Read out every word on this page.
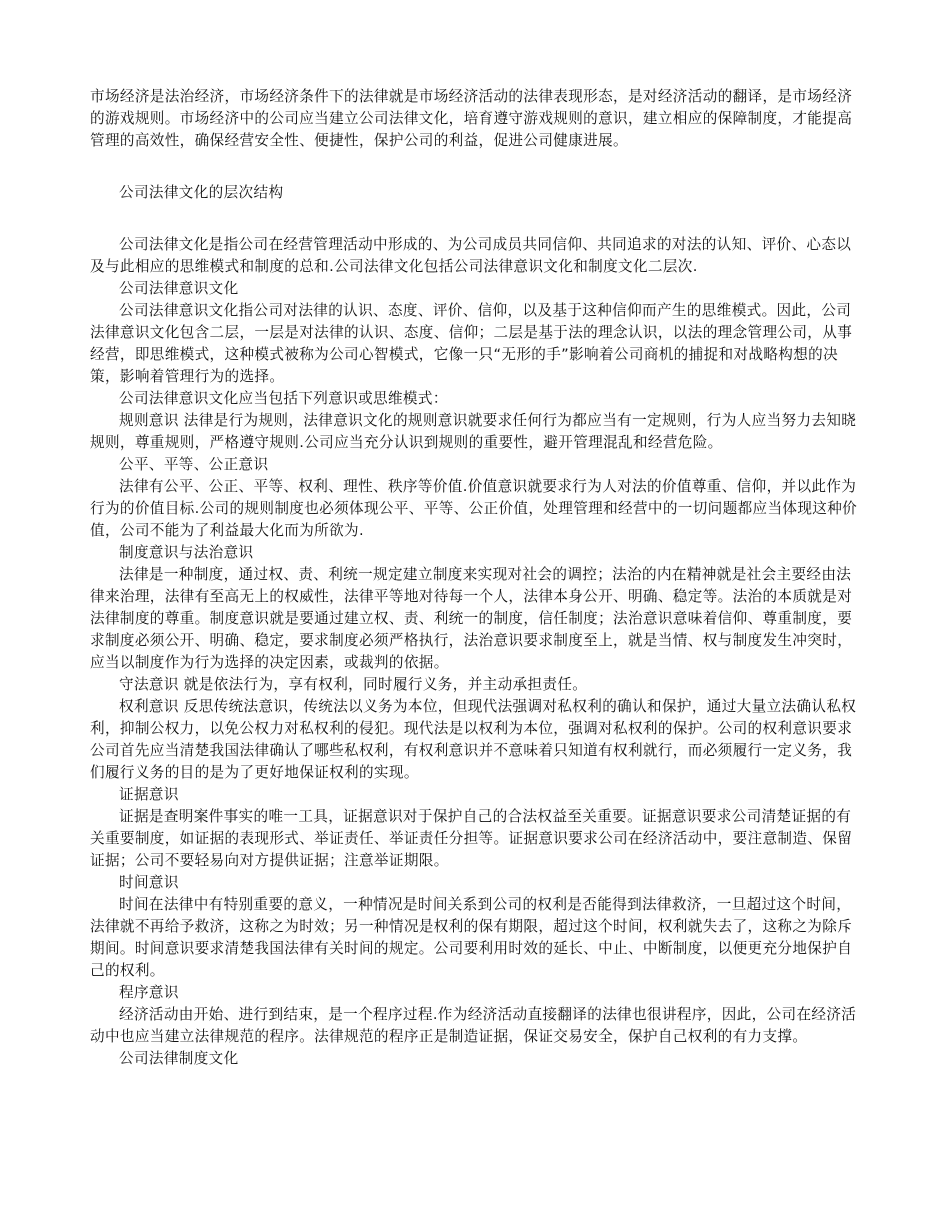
市场经济是法治经济，市场经济条件下的法律就是市场经济活动的法律表现形态，是对经济活动的翻译，是市场经济的游戏规则。市场经济中的公司应当建立公司法律文化，培育遵守游戏规则的意识，建立相应的保障制度，才能提高管理的高效性，确保经营安全性、便捷性，保护公司的利益，促进公司健康进展。

公司法律文化的层次结构

公司法律文化是指公司在经营管理活动中形成的、为公司成员共同信仰、共同追求的对法的认知、评价、心态以及与此相应的思维模式和制度的总和.公司法律文化包括公司法律意识文化和制度文化二层次.

公司法律意识文化

公司法律意识文化指公司对法律的认识、态度、评价、信仰，以及基于这种信仰而产生的思维模式。因此，公司法律意识文化包含二层，一层是对法律的认识、态度、信仰；二层是基于法的理念认识，以法的理念管理公司，从事经营，即思维模式，这种模式被称为公司心智模式，它像一只“无形的手”影响着公司商机的捕捉和对战略构想的决策，影响着管理行为的选择。

公司法律意识文化应当包括下列意识或思维模式：

规则意识 法律是行为规则，法律意识文化的规则意识就要求任何行为都应当有一定规则，行为人应当努力去知晓规则，尊重规则，严格遵守规则.公司应当充分认识到规则的重要性，避开管理混乱和经营危险。

公平、平等、公正意识

法律有公平、公正、平等、权利、理性、秩序等价值.价值意识就要求行为人对法的价值尊重、信仰，并以此作为行为的价值目标.公司的规则制度也必须体现公平、平等、公正价值，处理管理和经营中的一切问题都应当体现这种价值，公司不能为了利益最大化而为所欲为.

制度意识与法治意识

法律是一种制度，通过权、责、利统一规定建立制度来实现对社会的调控；法治的内在精神就是社会主要经由法律来治理，法律有至高无上的权威性，法律平等地对待每一个人，法律本身公开、明确、稳定等。法治的本质就是对法律制度的尊重。制度意识就是要通过建立权、责、利统一的制度，信任制度；法治意识意味着信仰、尊重制度，要求制度必须公开、明确、稳定，要求制度必须严格执行，法治意识要求制度至上，就是当情、权与制度发生冲突时，应当以制度作为行为选择的决定因素，或裁判的依据。

守法意识 就是依法行为，享有权利，同时履行义务，并主动承担责任。

权利意识 反思传统法意识，传统法以义务为本位，但现代法强调对私权利的确认和保护，通过大量立法确认私权利，抑制公权力，以免公权力对私权利的侵犯。现代法是以权利为本位，强调对私权利的保护。公司的权利意识要求公司首先应当清楚我国法律确认了哪些私权利，有权利意识并不意味着只知道有权利就行，而必须履行一定义务，我们履行义务的目的是为了更好地保证权利的实现。

证据意识

证据是查明案件事实的唯一工具，证据意识对于保护自己的合法权益至关重要。证据意识要求公司清楚证据的有关重要制度，如证据的表现形式、举证责任、举证责任分担等。证据意识要求公司在经济活动中，要注意制造、保留证据；公司不要轻易向对方提供证据；注意举证期限。

时间意识

时间在法律中有特别重要的意义，一种情况是时间关系到公司的权利是否能得到法律救济，一旦超过这个时间，法律就不再给予救济，这称之为时效；另一种情况是权利的保有期限，超过这个时间，权利就失去了，这称之为除斥期间。时间意识要求清楚我国法律有关时间的规定。公司要利用时效的延长、中止、中断制度，以便更充分地保护自己的权利。

程序意识

经济活动由开始、进行到结束，是一个程序过程.作为经济活动直接翻译的法律也很讲程序，因此，公司在经济活动中也应当建立法律规范的程序。法律规范的程序正是制造证据，保证交易安全，保护自己权利的有力支撑。

公司法律制度文化
